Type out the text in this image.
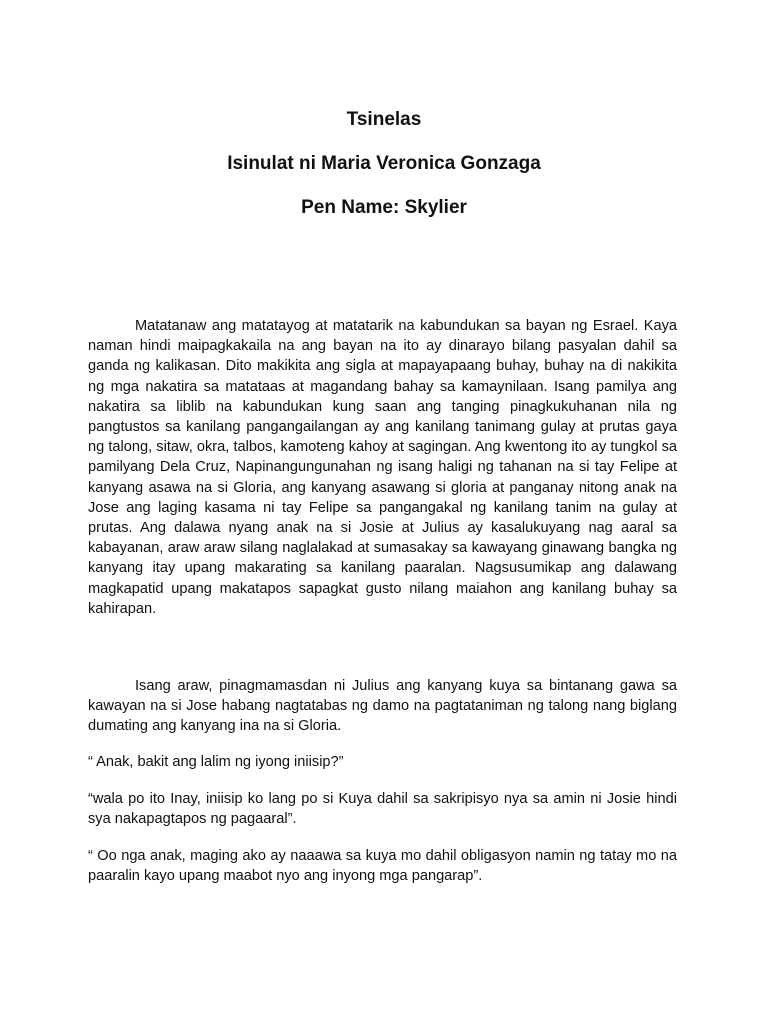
Tsinelas
Isinulat ni Maria Veronica Gonzaga
Pen Name: Skylier

Matatanaw ang matatayog at matatarik na kabundukan sa bayan ng Esrael. Kaya naman hindi maipagkakaila na ang bayan na ito ay dinarayo bilang pasyalan dahil sa ganda ng kalikasan. Dito makikita ang sigla at mapayapaang buhay, buhay na di nakikita ng mga nakatira sa matataas at magandang bahay sa kamaynilaan. Isang pamilya ang nakatira sa liblib na kabundukan kung saan ang tanging pinagkukuhanan nila ng pangtustos sa kanilang pangangailangan ay ang kanilang tanimang gulay at prutas gaya ng talong, sitaw, okra, talbos, kamoteng kahoy at sagingan. Ang kwentong ito ay tungkol sa pamilyang Dela Cruz, Napinangungunahan ng isang haligi ng tahanan na si tay Felipe at kanyang asawa na si Gloria, ang kanyang asawang si gloria at panganay nitong anak na Jose ang laging kasama ni tay Felipe sa pangangakal ng kanilang tanim na gulay at prutas. Ang dalawa nyang anak na si Josie at Julius ay kasalukuyang nag aaral sa kabayanan, araw araw silang naglalakad at sumasakay sa kawayang ginawang bangka ng kanyang itay upang makarating sa kanilang paaralan. Nagsusumikap ang dalawang magkapatid upang makatapos sapagkat gusto nilang maiahon ang kanilang buhay sa kahirapan.

Isang araw, pinagmamasdan ni Julius ang kanyang kuya sa bintanang gawa sa kawayan na si Jose habang nagtatabas ng damo na pagtataniman ng talong nang biglang dumating ang kanyang ina na si Gloria.

“ Anak, bakit ang lalim ng iyong iniisip?”

“wala po ito Inay, iniisip ko lang po si Kuya dahil sa sakripisyo nya sa amin ni Josie hindi sya nakapagtapos ng pagaaral”.

“ Oo nga anak, maging ako ay naaawa sa kuya mo dahil obligasyon namin ng tatay mo na paaralin kayo upang maabot nyo ang inyong mga pangarap”.
